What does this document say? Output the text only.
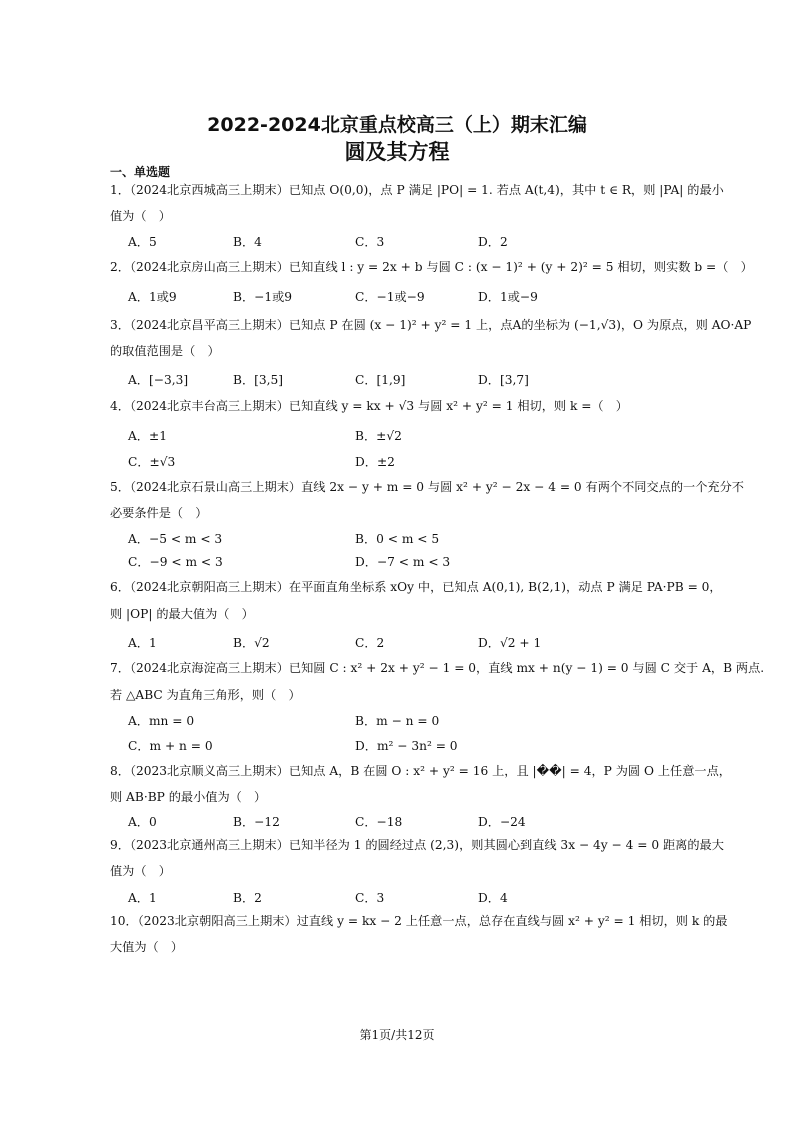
2022-2024北京重点校高三（上）期末汇编
圆及其方程
一、单选题
1．（2024北京西城高三上期末）已知点 O(0,0)，点 P 满足 |PO| = 1. 若点 A(t,4)，其中 t ∈ R，则 |PA| 的最小
值为（　）
A．5	B．4	C．3	D．2
2．（2024北京房山高三上期末）已知直线 l : y = 2x + b 与圆 C : (x − 1)² + (y + 2)² = 5 相切，则实数 b =（　）
A．1或9	B．−1或9	C．−1或−9	D．1或−9
3．（2024北京昌平高三上期末）已知点 P 在圆 (x − 1)² + y² = 1 上，点A的坐标为 (−1,√3)，O 为原点，则 AO·AP
的取值范围是（　）
A．[−3,3]	B．[3,5]	C．[1,9]	D．[3,7]
4．（2024北京丰台高三上期末）已知直线 y = kx + √3 与圆 x² + y² = 1 相切，则 k =（　）
A．±1	B．±√2
C．±√3	D．±2
5．（2024北京石景山高三上期末）直线 2x − y + m = 0 与圆 x² + y² − 2x − 4 = 0 有两个不同交点的一个充分不
必要条件是（　）
A．−5 < m < 3	B．0 < m < 5
C．−9 < m < 3	D．−7 < m < 3
6．（2024北京朝阳高三上期末）在平面直角坐标系 xOy 中，已知点 A(0,1), B(2,1)，动点 P 满足 PA·PB = 0，
则 |OP| 的最大值为（　）
A．1	B．√2	C．2	D．√2 + 1
7．（2024北京海淀高三上期末）已知圆 C : x² + 2x + y² − 1 = 0，直线 mx + n(y − 1) = 0 与圆 C 交于 A，B 两点.
若 △ABC 为直角三角形，则（　）
A．mn = 0	B．m − n = 0
C．m + n = 0	D．m² − 3n² = 0
8．（2023北京顺义高三上期末）已知点 A，B 在圆 O : x² + y² = 16 上，且 |��| = 4，P 为圆 O 上任意一点，
则 AB·BP 的最小值为（　）
A．0	B．−12	C．−18	D．−24
9．（2023北京通州高三上期末）已知半径为 1 的圆经过点 (2,3)，则其圆心到直线 3x − 4y − 4 = 0 距离的最大
值为（　）
A．1	B．2	C．3	D．4
10．（2023北京朝阳高三上期末）过直线 y = kx − 2 上任意一点，总存在直线与圆 x² + y² = 1 相切，则 k 的最
大值为（　）
第1页/共12页
